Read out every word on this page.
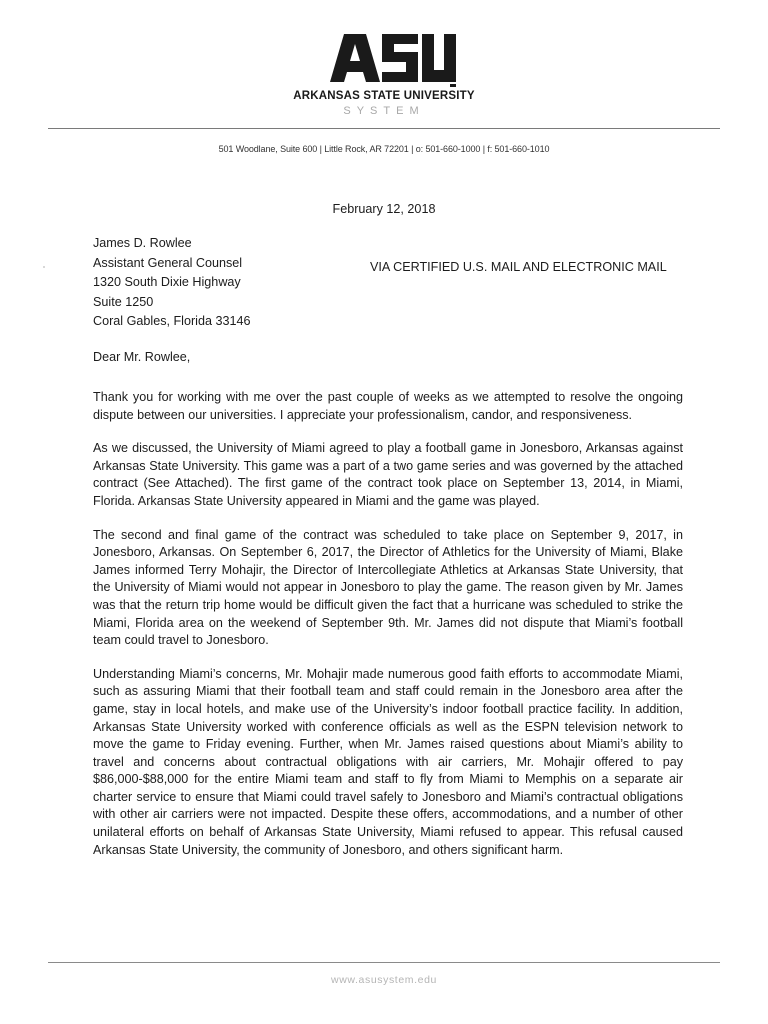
ARKANSAS STATE UNIVERSITY
SYSTEM
501 Woodlane, Suite 600 | Little Rock, AR 72201 | o: 501-660-1000 | f: 501-660-1010
February 12, 2018
James D. Rowlee
Assistant General Counsel
1320 South Dixie Highway
Suite 1250
Coral Gables, Florida 33146
VIA CERTIFIED U.S. MAIL AND ELECTRONIC MAIL
Dear Mr. Rowlee,

Thank you for working with me over the past couple of weeks as we attempted to resolve the ongoing dispute between our universities. I appreciate your professionalism, candor, and responsiveness.

As we discussed, the University of Miami agreed to play a football game in Jonesboro, Arkansas against Arkansas State University. This game was a part of a two game series and was governed by the attached contract (See Attached). The first game of the contract took place on September 13, 2014, in Miami, Florida. Arkansas State University appeared in Miami and the game was played.

The second and final game of the contract was scheduled to take place on September 9, 2017, in Jonesboro, Arkansas. On September 6, 2017, the Director of Athletics for the University of Miami, Blake James informed Terry Mohajir, the Director of Intercollegiate Athletics at Arkansas State University, that the University of Miami would not appear in Jonesboro to play the game. The reason given by Mr. James was that the return trip home would be difficult given the fact that a hurricane was scheduled to strike the Miami, Florida area on the weekend of September 9th. Mr. James did not dispute that Miami’s football team could travel to Jonesboro.

Understanding Miami’s concerns, Mr. Mohajir made numerous good faith efforts to accommodate Miami, such as assuring Miami that their football team and staff could remain in the Jonesboro area after the game, stay in local hotels, and make use of the University’s indoor football practice facility. In addition, Arkansas State University worked with conference officials as well as the ESPN television network to move the game to Friday evening. Further, when Mr. James raised questions about Miami’s ability to travel and concerns about contractual obligations with air carriers, Mr. Mohajir offered to pay $86,000-$88,000 for the entire Miami team and staff to fly from Miami to Memphis on a separate air charter service to ensure that Miami could travel safely to Jonesboro and Miami’s contractual obligations with other air carriers were not impacted. Despite these offers, accommodations, and a number of other unilateral efforts on behalf of Arkansas State University, Miami refused to appear. This refusal caused Arkansas State University, the community of Jonesboro, and others significant harm.

www.asusystem.edu
